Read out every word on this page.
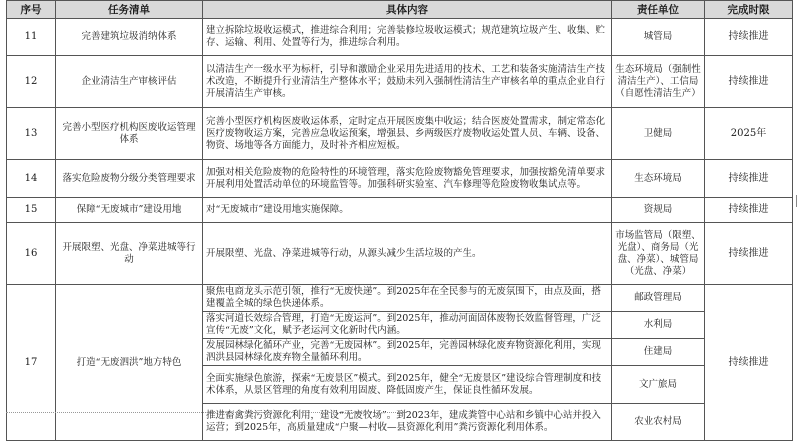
序号	任务清单	具体内容	责任单位	完成时限
11	完善建筑垃圾消纳体系	建立拆除垃圾收运模式，推进综合利用；完善装修垃圾收运模式；规范建筑垃圾产生、收集、贮存、运输、利用、处置等行为，推进综合利用。	城管局	持续推进
12	企业清洁生产审核评估	以清洁生产一级水平为标杆，引导和激励企业采用先进适用的技术、工艺和装备实施清洁生产技术改造，不断提升行业清洁生产整体水平；鼓励未列入强制性清洁生产审核名单的重点企业自行开展清洁生产审核。	生态环境局（强制性清洁生产）、工信局（自愿性清洁生产）	持续推进
13	完善小型医疗机构医废收运管理体系	完善小型医疗机构医废收运体系，定时定点开展医废集中收运；结合医废处置需求，制定常态化医疗废物收运方案，完善应急收运预案，增强县、乡两级医疗废物收运处置人员、车辆、设备、物资、场地等各方面能力，及时补齐相应短板。	卫健局	2025年
14	落实危险废物分级分类管理要求	加强对相关危险废物的危险特性的环境管理，落实危险废物豁免管理要求，加强按豁免清单要求开展利用处置活动单位的环境监管等。加强科研实验室、汽车修理等危险废物收集试点等。	生态环境局	持续推进
15	保障“无废城市”建设用地	对“无废城市”建设用地实施保障。	资规局	持续推进
16	开展限塑、光盘、净菜进城等行动	开展限塑、光盘、净菜进城等行动，从源头减少生活垃圾的产生。	市场监管局（限塑、光盘）、商务局（光盘、净菜）、城管局（光盘、净菜）	持续推进
17	打造“无废泗洪”地方特色	聚焦电商龙头示范引领，推行“无废快递”。到2025年在全民参与的无废氛围下，由点及面，搭建覆盖全城的绿色快递体系。	邮政管理局	持续推进
		落实河道长效综合管理，打造“无废运河”。到2025年，推动河面固体废物长效监督管理，广泛宣传“无废”文化，赋予老运河文化新时代内涵。	水利局	
		发展园林绿化循环产业，完善“无废园林”。到2025年，完善园林绿化废弃物资源化利用，实现泗洪县园林绿化废弃物全量循环利用。	住建局	
		全面实施绿色旅游，探索“无废景区”模式。到2025年，健全“无废景区”建设综合管理制度和技术体系，从景区管理的角度有效利用固废、降低固废产生，保证良性循环发展。	文广旅局	
		推进畜禽粪污资源化利用，建设“无废牧场”。到2023年，建成粪管中心站和乡镇中心站并投入运营；到2025年，高质量建成“户聚—村收—县资源化利用”粪污资源化利用体系。	农业农村局	
